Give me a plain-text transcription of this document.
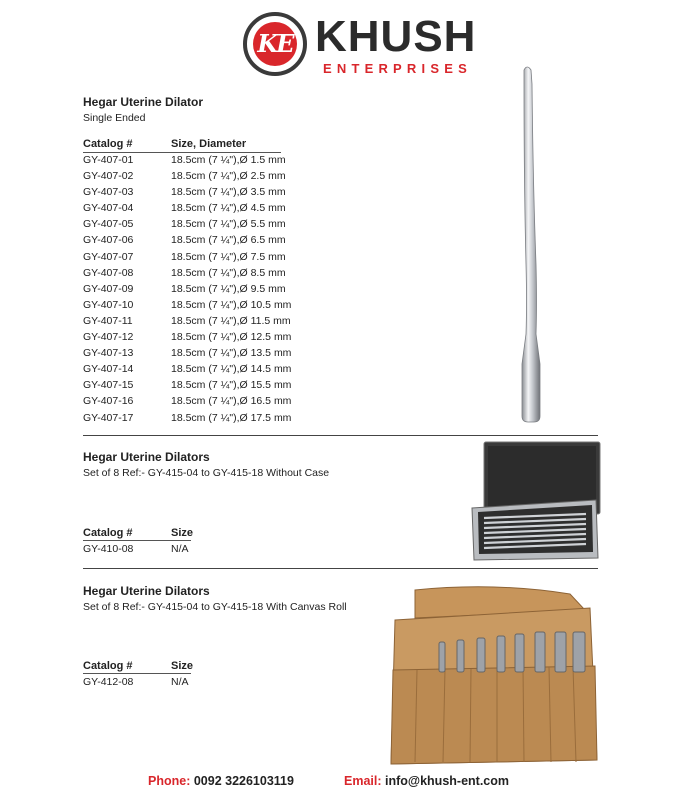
KE KHUSH
ENTERPRISES
Hegar Uterine Dilator
Single Ended
Catalog #	Size, Diameter
GY-407-01	18.5cm (7 ¼"),Ø 1.5 mm
GY-407-02	18.5cm (7 ¼"),Ø 2.5 mm
GY-407-03	18.5cm (7 ¼"),Ø 3.5 mm
GY-407-04	18.5cm (7 ¼"),Ø 4.5 mm
GY-407-05	18.5cm (7 ¼"),Ø 5.5 mm
GY-407-06	18.5cm (7 ¼"),Ø 6.5 mm
GY-407-07	18.5cm (7 ¼"),Ø 7.5 mm
GY-407-08	18.5cm (7 ¼"),Ø 8.5 mm
GY-407-09	18.5cm (7 ¼"),Ø 9.5 mm
GY-407-10	18.5cm (7 ¼"),Ø 10.5 mm
GY-407-11	18.5cm (7 ¼"),Ø 11.5 mm
GY-407-12	18.5cm (7 ¼"),Ø 12.5 mm
GY-407-13	18.5cm (7 ¼"),Ø 13.5 mm
GY-407-14	18.5cm (7 ¼"),Ø 14.5 mm
GY-407-15	18.5cm (7 ¼"),Ø 15.5 mm
GY-407-16	18.5cm (7 ¼"),Ø 16.5 mm
GY-407-17	18.5cm (7 ¼"),Ø 17.5 mm
Hegar Uterine Dilators
Set of 8 Ref:- GY-415-04 to GY-415-18 Without Case
Catalog #	Size
GY-410-08	N/A
Hegar Uterine Dilators
Set of 8 Ref:- GY-415-04 to GY-415-18 With Canvas Roll
Catalog #	Size
GY-412-08	N/A
Phone: 0092 3226103119	Email: info@khush-ent.com
